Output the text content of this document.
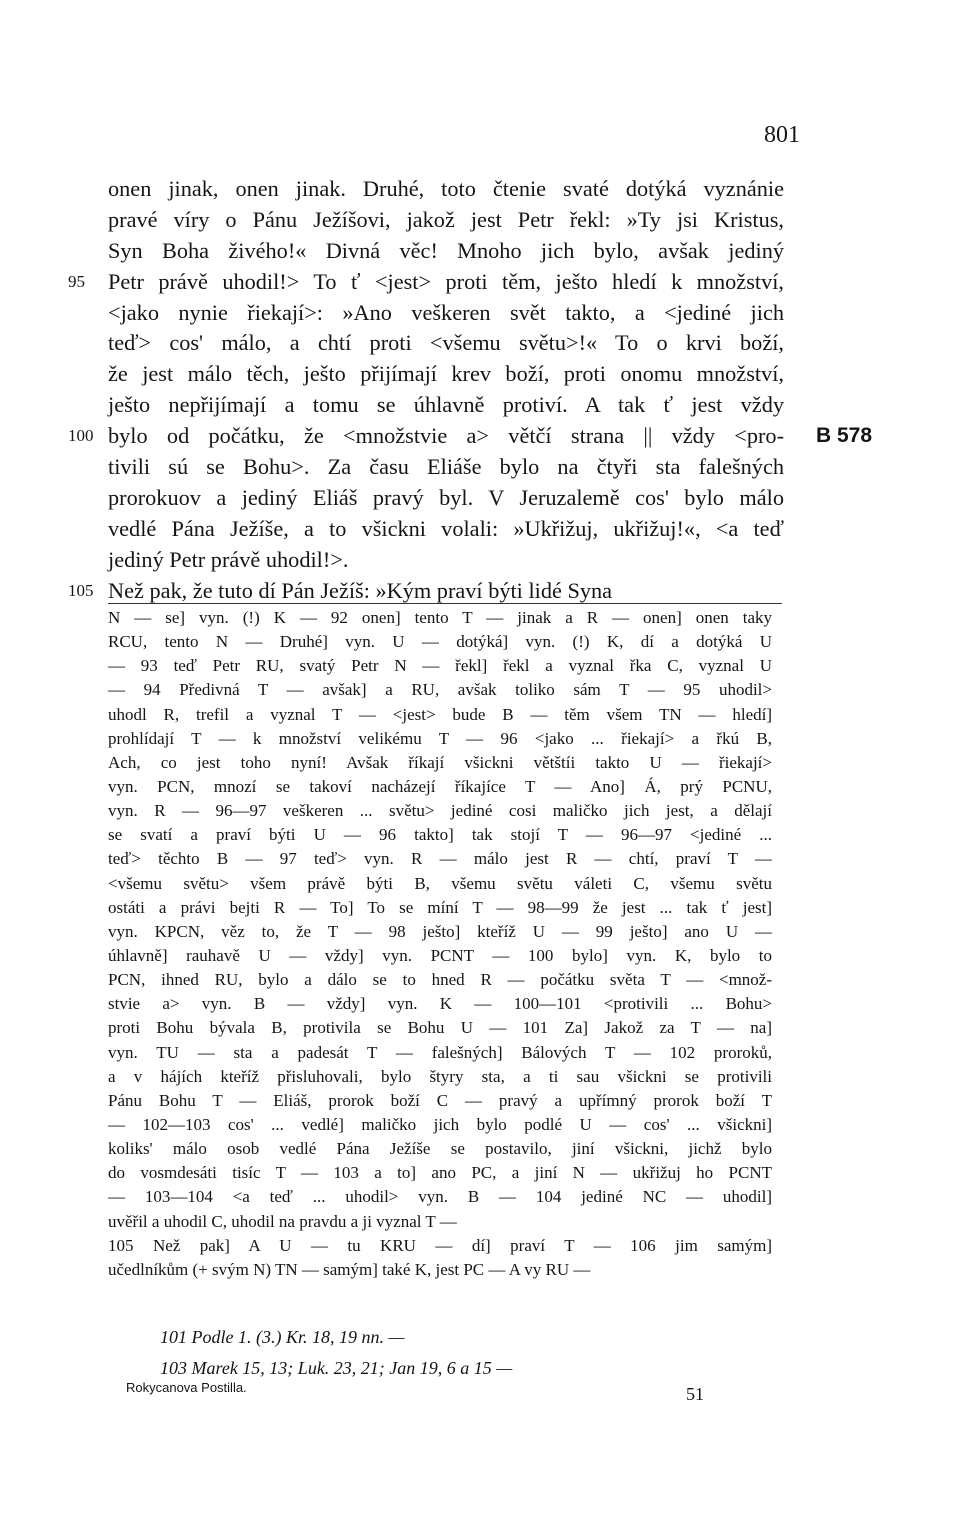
801
onen jinak, onen jinak. Druhé, toto čtenie svaté dotýká vyznánie
pravé víry o Pánu Ježíšovi, jakož jest Petr řekl: »Ty jsi Kristus,
Syn Boha živého!« Divná věc! Mnoho jich bylo, avšak jediný
95	Petr právě uhodil!> To ť <jest> proti těm, ješto hledí k množství,
<jako nynie řiekají>: »Ano veškeren svět takto, a <jediné jich
teď> cos' málo, a chtí proti <všemu světu>!« To o krvi boží,
že jest málo těch, ješto přijímají krev boží, proti onomu množství,
ješto nepřijímají a tomu se úhlavně protiví. A tak ť jest vždy
100 bylo od počátku, že <množstvie a> větčí strana || vždy <pro- B 578
tivili sú se Bohu>. Za času Eliáše bylo na čtyři sta falešných
prorokuov a jediný Eliáš pravý byl. V Jeruzalemě cos' bylo málo
vedlé Pána Ježíše, a to všickni volali: »Ukřižuj, ukřižuj!«, <a teď
jediný Petr právě uhodil!>.
105 Než pak, že tuto dí Pán Ježíš: »Kým praví býti lidé Syna
N — se] vyn. (!) K — 92 onen] tento T — jinak a R — onen] onen taky
RCU, tento N — Druhé] vyn. U — dotýká] vyn. (!) K, dí a dotýká U
— 93 teď Petr RU, svatý Petr N — řekl] řekl a vyznal řka C, vyznal U
— 94 Předivná T — avšak] a RU, avšak toliko sám T — 95 uhodil>
uhodl R, trefil a vyznal T — <jest> bude B — těm všem TN — hledí]
prohlídají T — k množství velikému T — 96 <jako ... řiekají> a řkú B,
Ach, co jest toho nyní! Avšak říkají všickni větštíi takto U — řiekají>
vyn. PCN, mnozí se takoví nacházejí říkajíce T — Ano] Á, prý PCNU,
vyn. R — 96—97 veškeren ... světu> jediné cosi maličko jich jest, a dělají
se svatí a praví býti U — 96 takto] tak stojí T — 96—97 <jediné ...
teď> těchto B — 97 teď> vyn. R — málo jest R — chtí, praví T —
<všemu světu> všem právě býti B, všemu světu váleti C, všemu světu
ostáti a právi bejti R — To] To se míní T — 98—99 že jest ... tak ť jest]
vyn. KPCN, věz to, že T — 98 ješto] kteříž U — 99 ješto] ano U —
úhlavně] rauhavě U — vždy] vyn. PCNT — 100 bylo] vyn. K, bylo to
PCN, ihned RU, bylo a dálo se to hned R — počátku světa T — <množ-
stvie a> vyn. B — vždy] vyn. K — 100—101 <protivili ... Bohu>
proti Bohu bývala B, protivila se Bohu U — 101 Za] Jakož za T — na]
vyn. TU — sta a padesát T — falešných] Bálových T — 102 proroků,
a v hájích kteříž přisluhovali, bylo štyry sta, a ti sau všickni se protivili
Pánu Bohu T — Eliáš, prorok boží C — pravý a upřímný prorok boží T
— 102—103 cos' ... vedlé] maličko jich bylo podlé U — cos' ... všickni]
koliks' málo osob vedlé Pána Ježíše se postavilo, jiní všickni, jichž bylo
do vosmdesáti tisíc T — 103 a to] ano PC, a jiní N — ukřižuj ho PCNT
— 103—104 <a teď ... uhodil> vyn. B — 104 jediné NC — uhodil]
uvěřil a uhodil C, uhodil na pravdu a ji vyznal T —
105 Než pak] A U — tu KRU — dí] praví T — 106 jim samým]
učedlníkům (+ svým N) TN — samým] také K, jest PC — A vy RU —
101 Podle 1. (3.) Kr. 18, 19 nn. —
103 Marek 15, 13; Luk. 23, 21; Jan 19, 6 a 15 —
Rokycanova Postilla.	51
